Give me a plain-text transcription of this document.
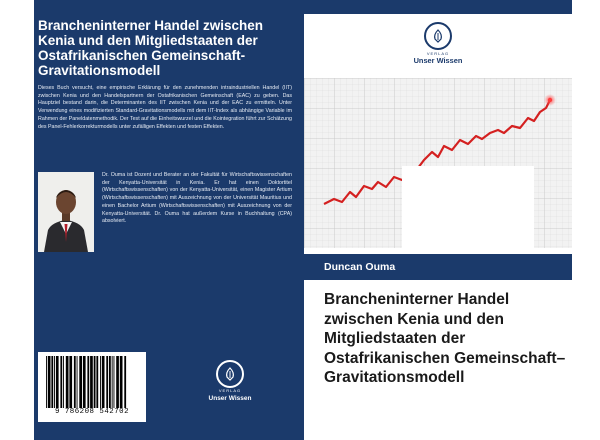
Brancheninterner Handel zwischen Kenia und den Mitgliedstaaten der Ostafrikanischen Gemeinschaft-Gravitationsmodell
Dieses Buch versucht, eine empirische Erklärung für den zunehmenden intraindustriellen Handel (IIT) zwischen Kenia und den Handelspartnern der Ostafrikanischen Gemeinschaft (EAC) zu geben. Das Hauptziel bestand darin, die Determinanten des IIT zwischen Kenia und der EAC zu ermitteln. Unter Verwendung eines modifizierten Standard-Gravitationsmodells mit dem IIT-Index als abhängige Variable im Rahmen der Paneldatenmethodik. Der Test auf die Einheitswurzel und die Kointegration führt zur Schätzung des Panel-Fehlerkorrekturmodells unter zufälligen Effekten und festen Effekten.
Dr. Ouma ist Dozent und Berater an der Fakultät für Wirtschaftswissenschaften der Kenyatta-Universität in Kenia. Er hat einen Doktortitel (Wirtschaftswissenschaften) von der Kenyatta-Universität, einen Magister Artium (Wirtschaftswissenschaften) mit Auszeichnung von der Universität Mauritius und einen Bachelor Artium (Wirtschaftswissenschaften) mit Auszeichnung von der Kenyatta-Universität. Dr. Ouma hat außerdem Kurse in Buchhaltung (CPA) absolviert.
9 786208 542702
VERLAG
Unser Wissen
VERLAG
Unser Wissen
Duncan Ouma
Brancheninterner Handel zwischen Kenia und den Mitgliedstaaten der Ostafrikanischen Gemeinschaft– Gravitationsmodell
